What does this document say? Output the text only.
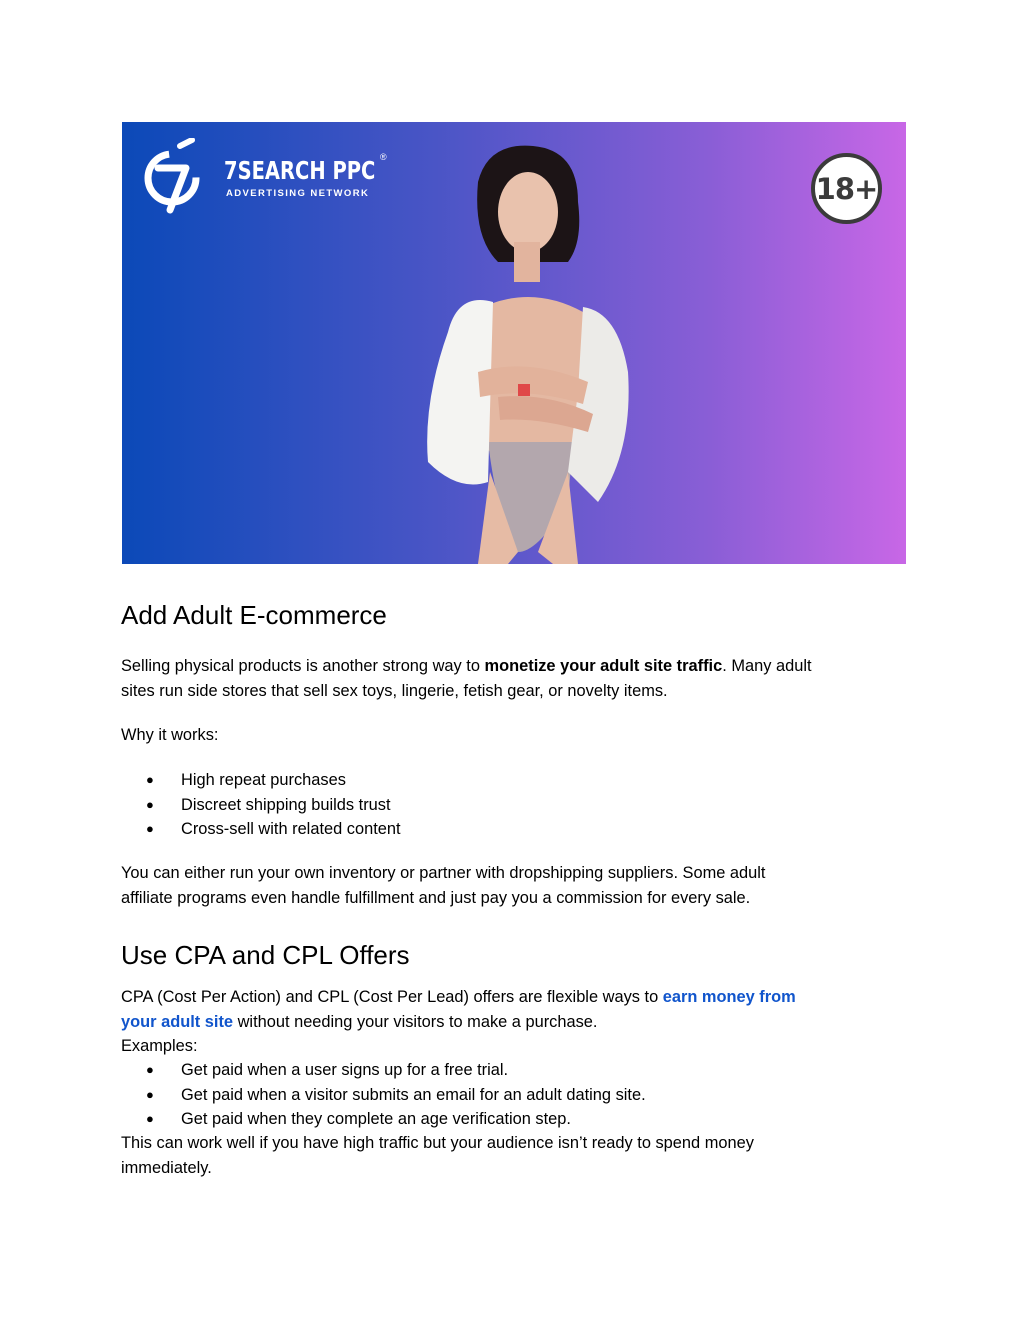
7SEARCH PPC ®
ADVERTISING NETWORK	18+
Add Adult E-commerce

Selling physical products is another strong way to monetize your adult site traffic. Many adult
sites run side stores that sell sex toys, lingerie, fetish gear, or novelty items.

Why it works:

● High repeat purchases
● Discreet shipping builds trust
● Cross-sell with related content

You can either run your own inventory or partner with dropshipping suppliers. Some adult
affiliate programs even handle fulfillment and just pay you a commission for every sale.

Use CPA and CPL Offers

CPA (Cost Per Action) and CPL (Cost Per Lead) offers are flexible ways to earn money from
your adult site without needing your visitors to make a purchase.
Examples:

● Get paid when a user signs up for a free trial.
● Get paid when a visitor submits an email for an adult dating site.
● Get paid when they complete an age verification step.

This can work well if you have high traffic but your audience isn’t ready to spend money
immediately.
